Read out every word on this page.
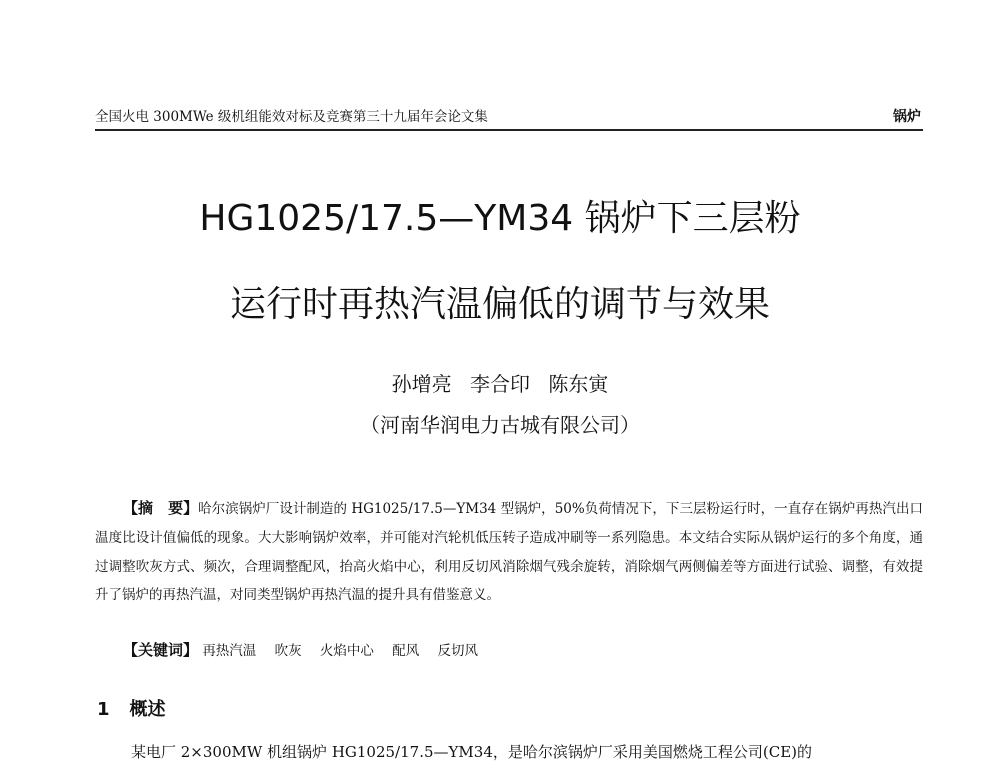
全国火电 300MWe 级机组能效对标及竞赛第三十九届年会论文集	锅炉
HG1025/17.5—YM34 锅炉下三层粉
运行时再热汽温偏低的调节与效果
孙增亮 李合印 陈东寅
（河南华润电力古城有限公司）
【摘　要】哈尔滨锅炉厂设计制造的 HG1025/17.5—YM34 型锅炉，50%负荷情况下，下三层粉运行时，一直存在锅炉再热汽出口温度比设计值偏低的现象。大大影响锅炉效率，并可能对汽轮机低压转子造成冲刷等一系列隐患。本文结合实际从锅炉运行的多个角度，通过调整吹灰方式、频次，合理调整配风，抬高火焰中心，利用反切风消除烟气残余旋转，消除烟气两侧偏差等方面进行试验、调整，有效提升了锅炉的再热汽温，对同类型锅炉再热汽温的提升具有借鉴意义。
【关键词】 再热汽温 吹灰 火焰中心 配风 反切风
1 概述
某电厂 2×300MW 机组锅炉 HG1025/17.5—YM34，是哈尔滨锅炉厂采用美国燃烧工程公司(CE)的
